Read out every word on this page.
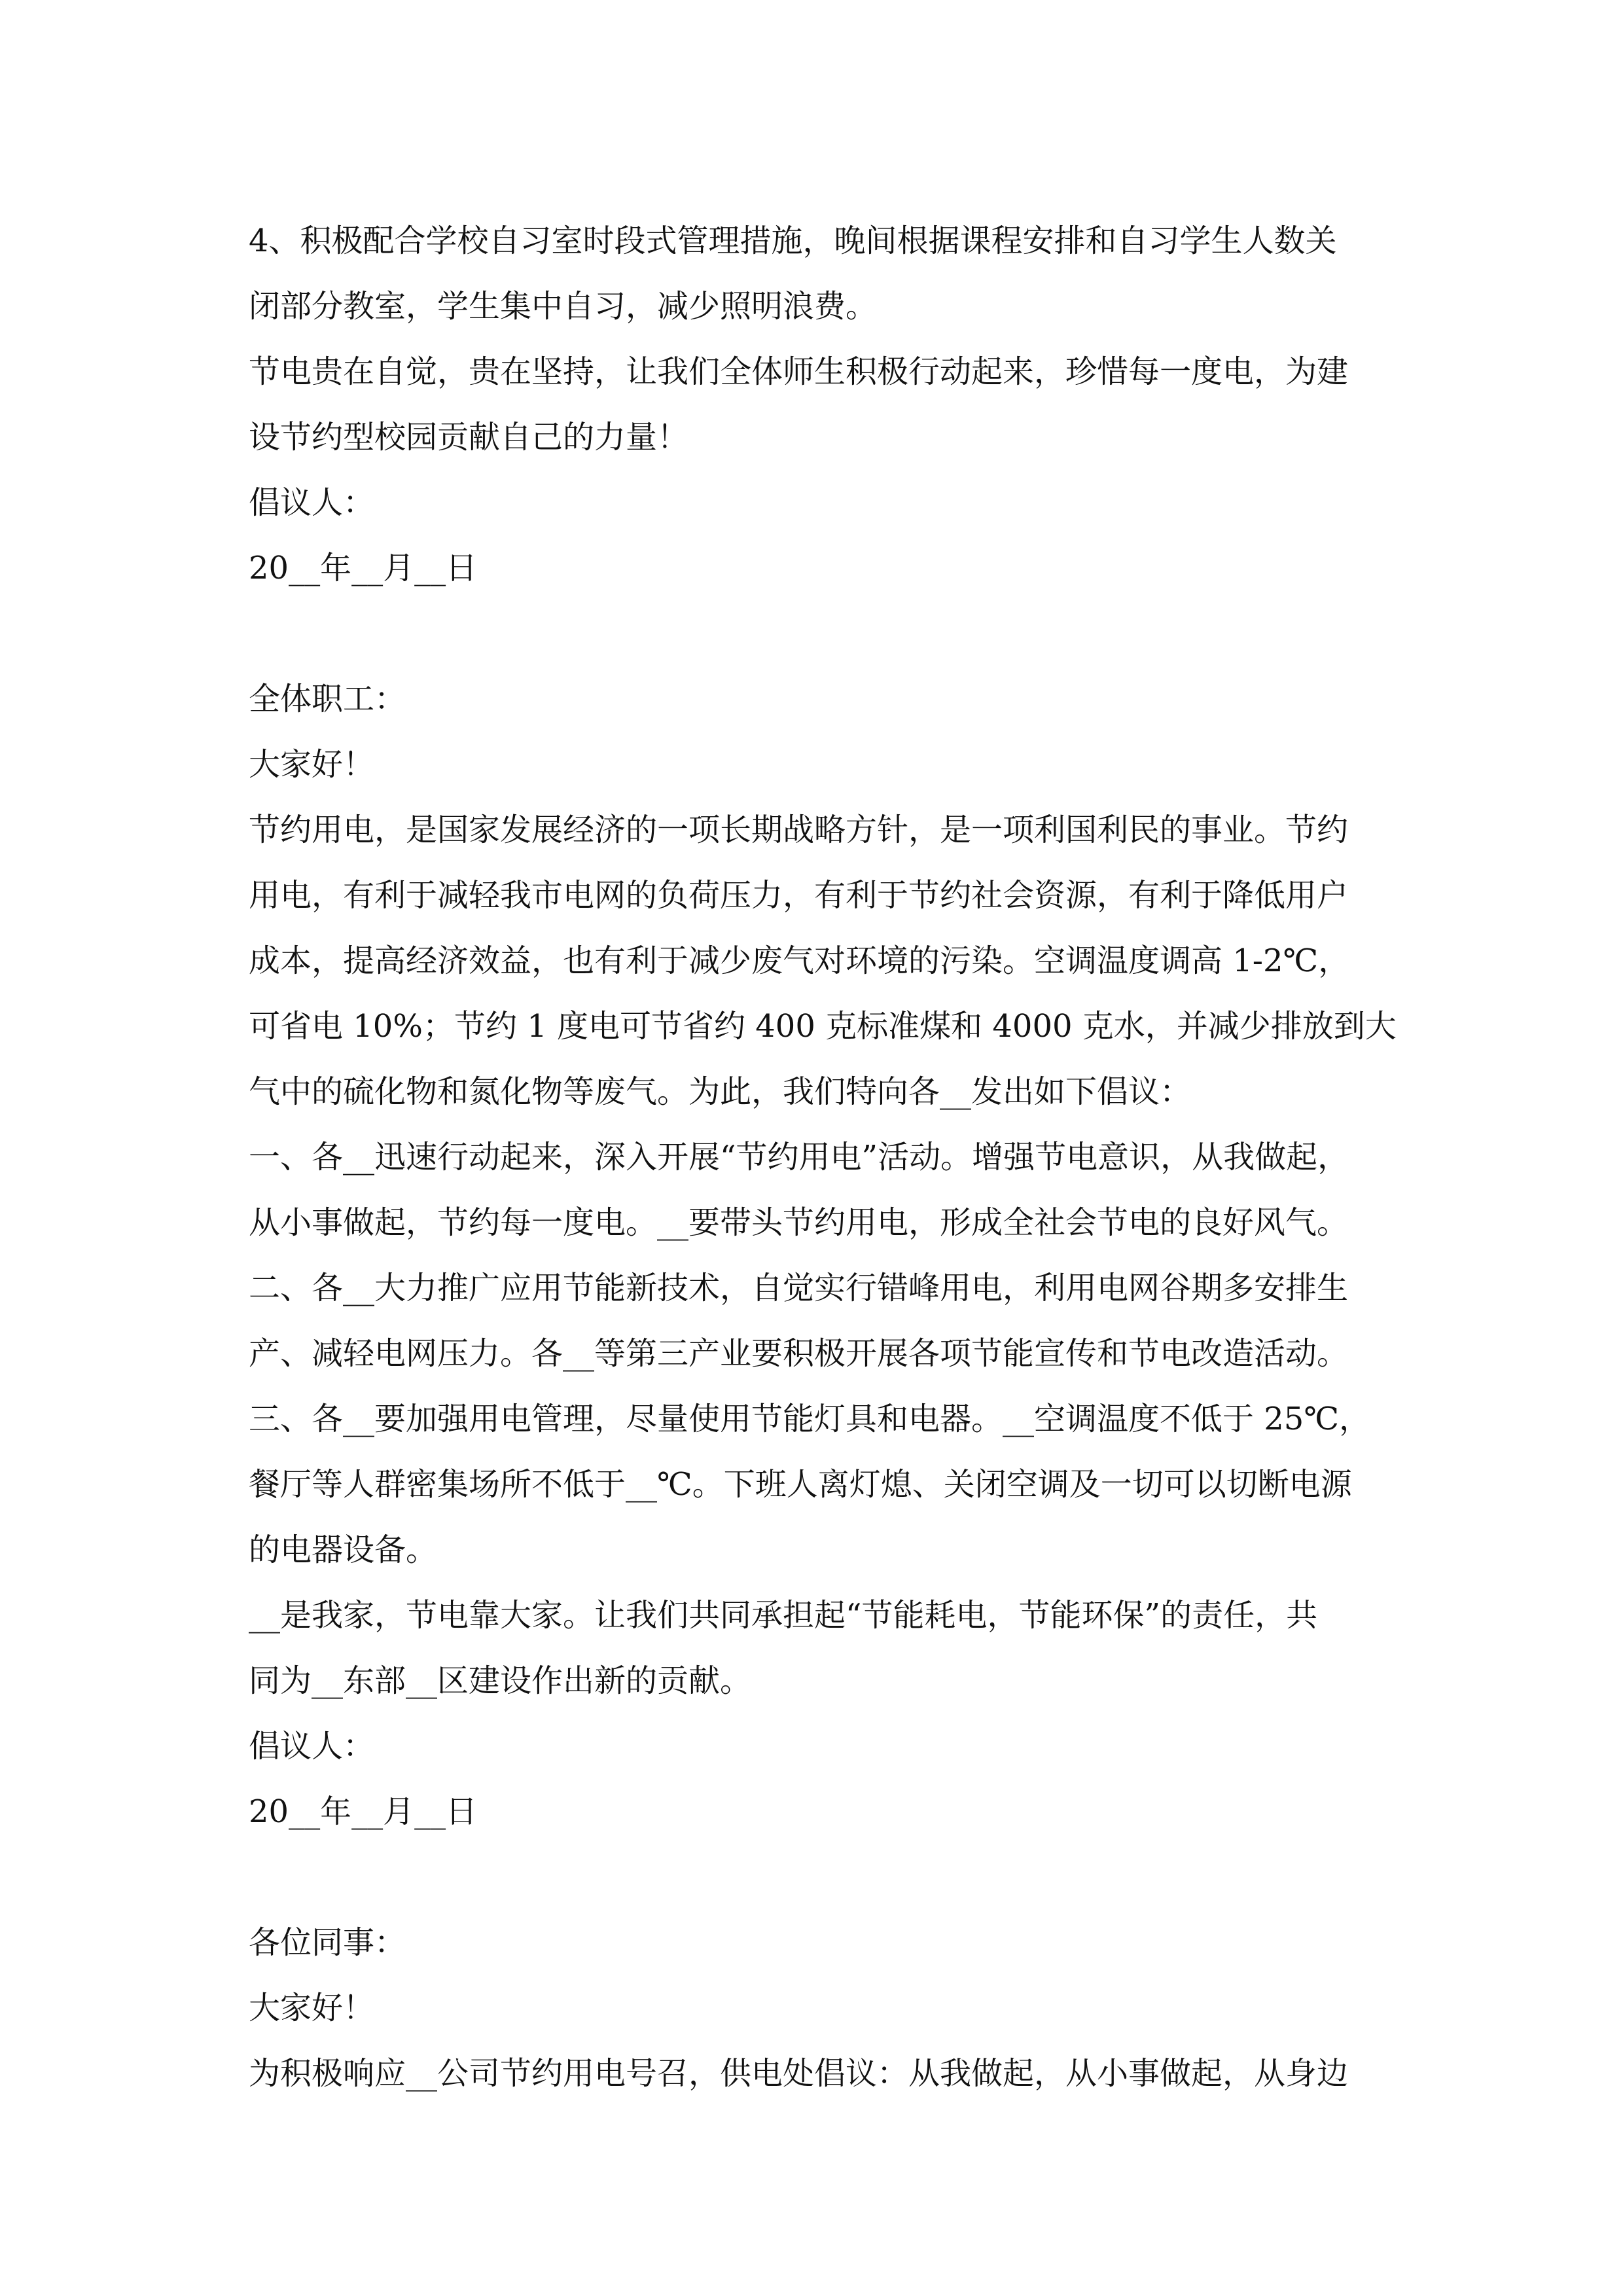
4、积极配合学校自习室时段式管理措施，晚间根据课程安排和自习学生人数关

闭部分教室，学生集中自习，减少照明浪费。

节电贵在自觉，贵在坚持，让我们全体师生积极行动起来，珍惜每一度电，为建

设节约型校园贡献自己的力量！

倡议人：

20__年__月__日

全体职工：

大家好！

节约用电，是国家发展经济的一项长期战略方针，是一项利国利民的事业。节约

用电，有利于减轻我市电网的负荷压力，有利于节约社会资源，有利于降低用户

成本，提高经济效益，也有利于减少废气对环境的污染。空调温度调高 1-2℃，

可省电 10%；节约 1 度电可节省约 400 克标准煤和 4000 克水，并减少排放到大

气中的硫化物和氮化物等废气。为此，我们特向各__发出如下倡议：

一、各__迅速行动起来，深入开展“节约用电”活动。增强节电意识，从我做起，

从小事做起，节约每一度电。__要带头节约用电，形成全社会节电的良好风气。

二、各__大力推广应用节能新技术，自觉实行错峰用电，利用电网谷期多安排生

产、减轻电网压力。各__等第三产业要积极开展各项节能宣传和节电改造活动。

三、各__要加强用电管理，尽量使用节能灯具和电器。__空调温度不低于 25℃，

餐厅等人群密集场所不低于__℃。下班人离灯熄、关闭空调及一切可以切断电源

的电器设备。

__是我家，节电靠大家。让我们共同承担起“节能耗电，节能环保”的责任，共

同为__东部__区建设作出新的贡献。

倡议人：

20__年__月__日

各位同事：

大家好！

为积极响应__公司节约用电号召，供电处倡议：从我做起，从小事做起，从身边
